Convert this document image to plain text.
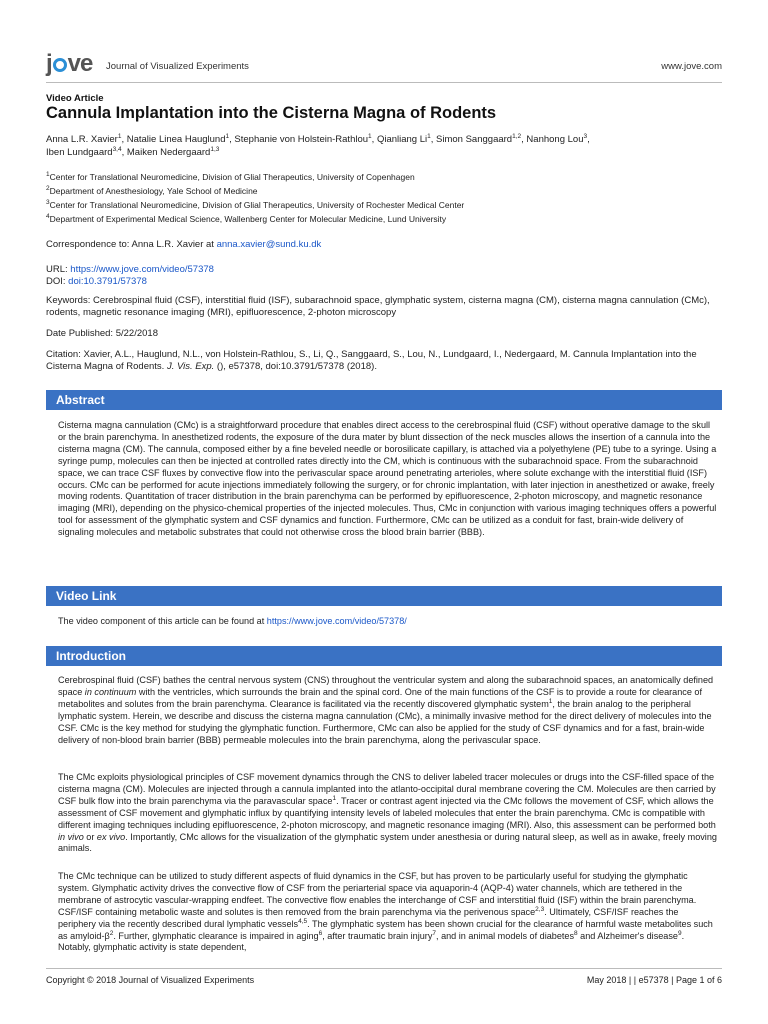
j ve Journal of Visualized Experiments	www.jove.com
Video Article
Cannula Implantation into the Cisterna Magna of Rodents
Anna L.R. Xavier$^1$, Natalie Linea Hauglund$^1$, Stephanie von Holstein-Rathlou$^1$, Qianliang Li$^1$, Simon Sanggaard$^{1,2}$, Nanhong Lou$^3$,
Iben Lundgaard$^{3,4}$, Maiken Nedergaard$^{1,3}$
$^1$Center for Translational Neuromedicine, Division of Glial Therapeutics, University of Copenhagen
$^2$Department of Anesthesiology, Yale School of Medicine
$^3$Center for Translational Neuromedicine, Division of Glial Therapeutics, University of Rochester Medical Center
$^4$Department of Experimental Medical Science, Wallenberg Center for Molecular Medicine, Lund University
Correspondence to: Anna L.R. Xavier at anna.xavier@sund.ku.dk
URL: https://www.jove.com/video/57378
DOI: doi:10.3791/57378
Keywords: Cerebrospinal fluid (CSF), interstitial fluid (ISF), subarachnoid space, glymphatic system, cisterna magna (CM), cisterna magna cannulation (CMc), rodents, magnetic resonance imaging (MRI), epifluorescence, 2-photon microscopy
Date Published: 5/22/2018
Citation: Xavier, A.L., Hauglund, N.L., von Holstein-Rathlou, S., Li, Q., Sanggaard, S., Lou, N., Lundgaard, I., Nedergaard, M. Cannula Implantation into the Cisterna Magna of Rodents. J. Vis. Exp. (), e57378, doi:10.3791/57378 (2018).
Abstract
Cisterna magna cannulation (CMc) is a straightforward procedure that enables direct access to the cerebrospinal fluid (CSF) without operative damage to the skull or the brain parenchyma. In anesthetized rodents, the exposure of the dura mater by blunt dissection of the neck muscles allows the insertion of a cannula into the cisterna magna (CM). The cannula, composed either by a fine beveled needle or borosilicate capillary, is attached via a polyethylene (PE) tube to a syringe. Using a syringe pump, molecules can then be injected at controlled rates directly into the CM, which is continuous with the subarachnoid space. From the subarachnoid space, we can trace CSF fluxes by convective flow into the perivascular space around penetrating arterioles, where solute exchange with the interstitial fluid (ISF) occurs. CMc can be performed for acute injections immediately following the surgery, or for chronic implantation, with later injection in anesthetized or awake, freely moving rodents. Quantitation of tracer distribution in the brain parenchyma can be performed by epifluorescence, 2-photon microscopy, and magnetic resonance imaging (MRI), depending on the physico-chemical properties of the injected molecules. Thus, CMc in conjunction with various imaging techniques offers a powerful tool for assessment of the glymphatic system and CSF dynamics and function. Furthermore, CMc can be utilized as a conduit for fast, brain-wide delivery of signaling molecules and metabolic substrates that could not otherwise cross the blood brain barrier (BBB).
Video Link
The video component of this article can be found at https://www.jove.com/video/57378/
Introduction
Cerebrospinal fluid (CSF) bathes the central nervous system (CNS) throughout the ventricular system and along the subarachnoid spaces, an anatomically defined space in continuum with the ventricles, which surrounds the brain and the spinal cord. One of the main functions of the CSF is to provide a route for clearance of metabolites and solutes from the brain parenchyma. Clearance is facilitated via the recently discovered glymphatic system$^1$, the brain analog to the peripheral lymphatic system. Herein, we describe and discuss the cisterna magna cannulation (CMc), a minimally invasive method for the direct delivery of molecules into the CSF. CMc is the key method for studying the glymphatic function. Furthermore, CMc can also be applied for the study of CSF dynamics and for a fast, brain-wide delivery of non-blood brain barrier (BBB) permeable molecules into the brain parenchyma, along the perivascular space.
The CMc exploits physiological principles of CSF movement dynamics through the CNS to deliver labeled tracer molecules or drugs into the CSF-filled space of the cisterna magna (CM). Molecules are injected through a cannula implanted into the atlanto-occipital dural membrane covering the CM. Molecules are then carried by CSF bulk flow into the brain parenchyma via the paravascular space$^1$. Tracer or contrast agent injected via the CMc follows the movement of CSF, which allows the assessment of CSF movement and glymphatic influx by quantifying intensity levels of labeled molecules that enter the brain parenchyma. CMc is compatible with different imaging techniques including epifluorescence, 2-photon microscopy, and magnetic resonance imaging (MRI). Also, this assessment can be performed both in vivo or ex vivo. Importantly, CMc allows for the visualization of the glymphatic system under anesthesia or during natural sleep, as well as in awake, freely moving animals.
The CMc technique can be utilized to study different aspects of fluid dynamics in the CSF, but has proven to be particularly useful for studying the glymphatic system. Glymphatic activity drives the convective flow of CSF from the periarterial space via aquaporin-4 (AQP-4) water channels, which are tethered in the membrane of astrocytic vascular-wrapping endfeet. The convective flow enables the interchange of CSF and interstitial fluid (ISF) within the brain parenchyma. CSF/ISF containing metabolic waste and solutes is then removed from the brain parenchyma via the perivenous space$^{2,3}$. Ultimately, CSF/ISF reaches the periphery via the recently described dural lymphatic vessels$^{4,5}$. The glymphatic system has been shown crucial for the clearance of harmful waste metabolites such as amyloid-$\beta^2$. Further, glymphatic clearance is impaired in aging$^6$, after traumatic brain injury$^7$, and in animal models of diabetes$^8$ and Alzheimer's disease$^9$. Notably, glymphatic activity is state dependent,
Copyright © 2018 Journal of Visualized Experiments	May 2018 | | e57378 | Page 1 of 6
